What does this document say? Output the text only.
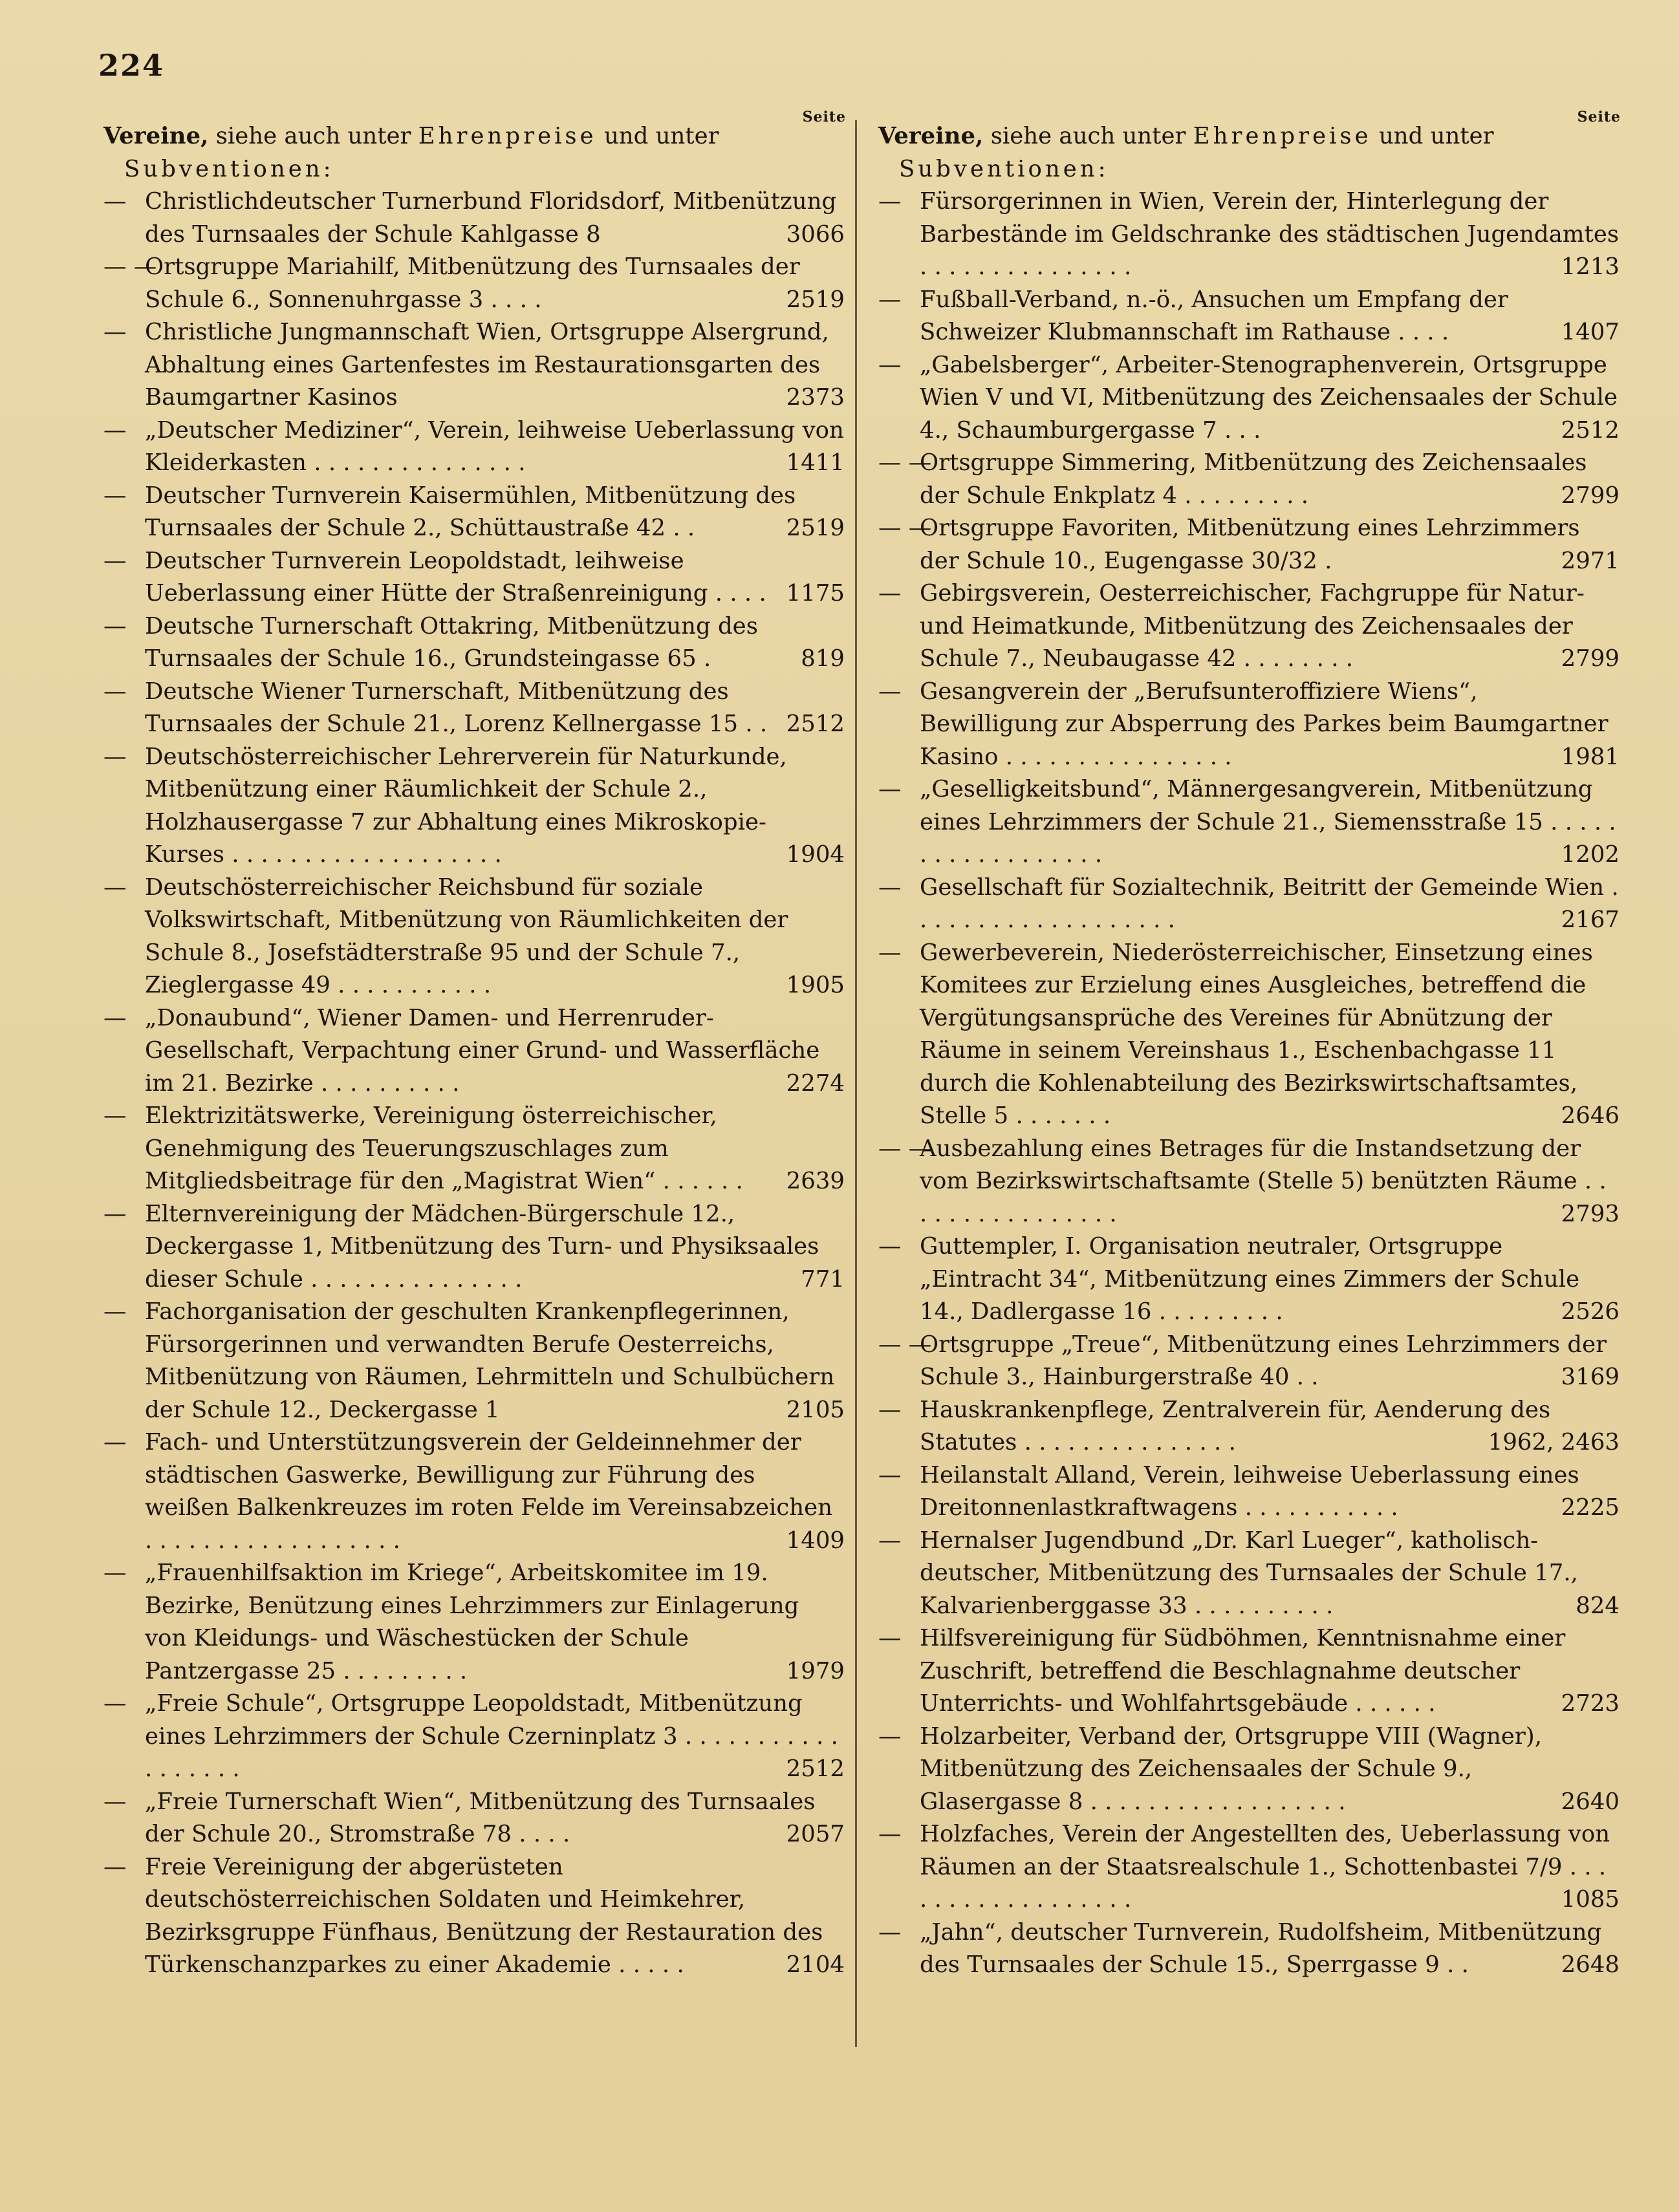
224
Seite
Vereine, siehe auch unter Ehrenpreise und unter Subventionen:
— Christlichdeutscher Turnerbund Floridsdorf, Mitbenützung des Turnsaales der Schule Kahlgasse 8	3066
— —
Ortsgruppe Mariahilf, Mitbenützung des Turnsaales der Schule 6., Sonnenuhrgasse 3 . . . .	2519
— Christliche Jungmannschaft Wien, Ortsgruppe Alsergrund, Abhaltung eines Gartenfestes im Restaurationsgarten des Baumgartner Kasinos	2373
— „Deutscher Mediziner“, Verein, leihweise Ueberlassung von Kleiderkasten . . . . . . . . . . . . . . .	1411
— Deutscher Turnverein Kaisermühlen, Mitbenützung des Turnsaales der Schule 2., Schüttaustraße 42 . .	2519
— Deutscher Turnverein Leopoldstadt, leihweise Ueberlassung einer Hütte der Straßenreinigung . . . . 1175
— Deutsche Turnerschaft Ottakring, Mitbenützung des Turnsaales der Schule 16., Grundsteingasse 65 .	819
— Deutsche Wiener Turnerschaft, Mitbenützung des Turnsaales der Schule 21., Lorenz Kellnergasse 15 . . 2512
— Deutschösterreichischer Lehrerverein für Naturkunde, Mitbenützung einer Räumlichkeit der Schule 2., Holzhausergasse 7 zur Abhaltung eines Mikroskopie-Kurses . . . . . . . . . . . . . . . . . . .	1904
— Deutschösterreichischer Reichsbund für soziale Volkswirtschaft, Mitbenützung von Räumlichkeiten der Schule 8., Josefstädterstraße 95 und der Schule 7., Zieglergasse 49 . . . . . . . . . . .	1905
— „Donaubund“, Wiener Damen- und Herrenruder-Gesellschaft, Verpachtung einer Grund- und Wasserfläche im 21. Bezirke . . . . . . . . . .	2274
— Elektrizitätswerke, Vereinigung österreichischer, Genehmigung des Teuerungszuschlages zum Mitgliedsbeitrage für den „Magistrat Wien“ . . . . . . 2639
— Elternvereinigung der Mädchen-Bürgerschule 12., Deckergasse 1, Mitbenützung des Turn- und Physiksaales dieser Schule . . . . . . . . . . . . . . .	771
— Fachorganisation der geschulten Krankenpflegerinnen, Fürsorgerinnen und verwandten Berufe Oesterreichs, Mitbenützung von Räumen, Lehrmitteln und Schulbüchern der Schule 12., Deckergasse 1	2105
— Fach- und Unterstützungsverein der Geldeinnehmer der städtischen Gaswerke, Bewilligung zur Führung des weißen Balkenkreuzes im roten Felde im Vereinsabzeichen . . . . . . . . . . . . . . . . . .	1409
— „Frauenhilfsaktion im Kriege“, Arbeitskomitee im 19. Bezirke, Benützung eines Lehrzimmers zur Einlagerung von Kleidungs- und Wäschestücken der Schule Pantzergasse 25 . . . . . . . . .	1979
— „Freie Schule“, Ortsgruppe Leopoldstadt, Mitbenützung eines Lehrzimmers der Schule Czerninplatz 3 . . . . . . . . . . . . . . . . . .	2512
— „Freie Turnerschaft Wien“, Mitbenützung des Turnsaales der Schule 20., Stromstraße 78 . . . .	2057
— Freie Vereinigung der abgerüsteten deutschösterreichischen Soldaten und Heimkehrer, Bezirksgruppe Fünfhaus, Benützung der Restauration des Türkenschanzparkes zu einer Akademie . . . . .	2104
Seite
Vereine, siehe auch unter Ehrenpreise und unter Subventionen:
— Fürsorgerinnen in Wien, Verein der, Hinterlegung der Barbestände im Geldschranke des städtischen Jugendamtes . . . . . . . . . . . . . . .	1213
— Fußball-Verband, n.-ö., Ansuchen um Empfang der Schweizer Klubmannschaft im Rathause . . . .	1407
— „Gabelsberger“, Arbeiter-Stenographenverein, Ortsgruppe Wien V und VI, Mitbenützung des Zeichensaales der Schule 4., Schaumburgergasse 7 . . .	2512
— —
Ortsgruppe Simmering, Mitbenützung des Zeichensaales der Schule Enkplatz 4 . . . . . . . . .	2799
— —
Ortsgruppe Favoriten, Mitbenützung eines Lehrzimmers der Schule 10., Eugengasse 30/32 .	2971
— Gebirgsverein, Oesterreichischer, Fachgruppe für Natur- und Heimatkunde, Mitbenützung des Zeichensaales der Schule 7., Neubaugasse 42 . . . . . . . .	2799
— Gesangverein der „Berufsunteroffiziere Wiens“, Bewilligung zur Absperrung des Parkes beim Baumgartner Kasino . . . . . . . . . . . . . . . .	1981
— „Geselligkeitsbund“, Männergesangverein, Mitbenützung eines Lehrzimmers der Schule 21., Siemensstraße 15 . . . . . . . . . . . . . . . . . .	1202
— Gesellschaft für Sozialtechnik, Beitritt der Gemeinde Wien . . . . . . . . . . . . . . . . . . .	2167
— Gewerbeverein, Niederösterreichischer, Einsetzung eines Komitees zur Erzielung eines Ausgleiches, betreffend die Vergütungsansprüche des Vereines für Abnützung der Räume in seinem Vereinshaus 1., Eschenbachgasse 11 durch die Kohlenabteilung des Bezirkswirtschaftsamtes, Stelle 5 . . . . . . .	2646
— —
Ausbezahlung eines Betrages für die Instandsetzung der vom Bezirkswirtschaftsamte (Stelle 5) benützten Räume . . . . . . . . . . . . . . . .	2793
— Guttempler, I. Organisation neutraler, Ortsgruppe „Eintracht 34“, Mitbenützung eines Zimmers der Schule 14., Dadlergasse 16 . . . . . . . . .	2526
— —
Ortsgruppe „Treue“, Mitbenützung eines Lehrzimmers der Schule 3., Hainburgerstraße 40 . .	3169
— Hauskrankenpflege, Zentralverein für, Aenderung des Statutes . . . . . . . . . . . . . . .	1962, 2463
— Heilanstalt Alland, Verein, leihweise Ueberlassung eines Dreitonnenlastkraftwagens . . . . . . . . . . .	2225
— Hernalser Jugendbund „Dr. Karl Lueger“, katholisch-deutscher, Mitbenützung des Turnsaales der Schule 17., Kalvarienberggasse 33 . . . . . . . . . .	824
— Hilfsvereinigung für Südböhmen, Kenntnisnahme einer Zuschrift, betreffend die Beschlagnahme deutscher Unterrichts- und Wohlfahrtsgebäude . . . . . .	2723
— Holzarbeiter, Verband der, Ortsgruppe VIII (Wagner), Mitbenützung des Zeichensaales der Schule 9., Glasergasse 8 . . . . . . . . . . . . . . . . . .	2640
— Holzfaches, Verein der Angestellten des, Ueberlassung von Räumen an der Staatsrealschule 1., Schottenbastei 7/9 . . . . . . . . . . . . . . . . . .	1085
— „Jahn“, deutscher Turnverein, Rudolfsheim, Mitbenützung des Turnsaales der Schule 15., Sperrgasse 9 . .	2648
